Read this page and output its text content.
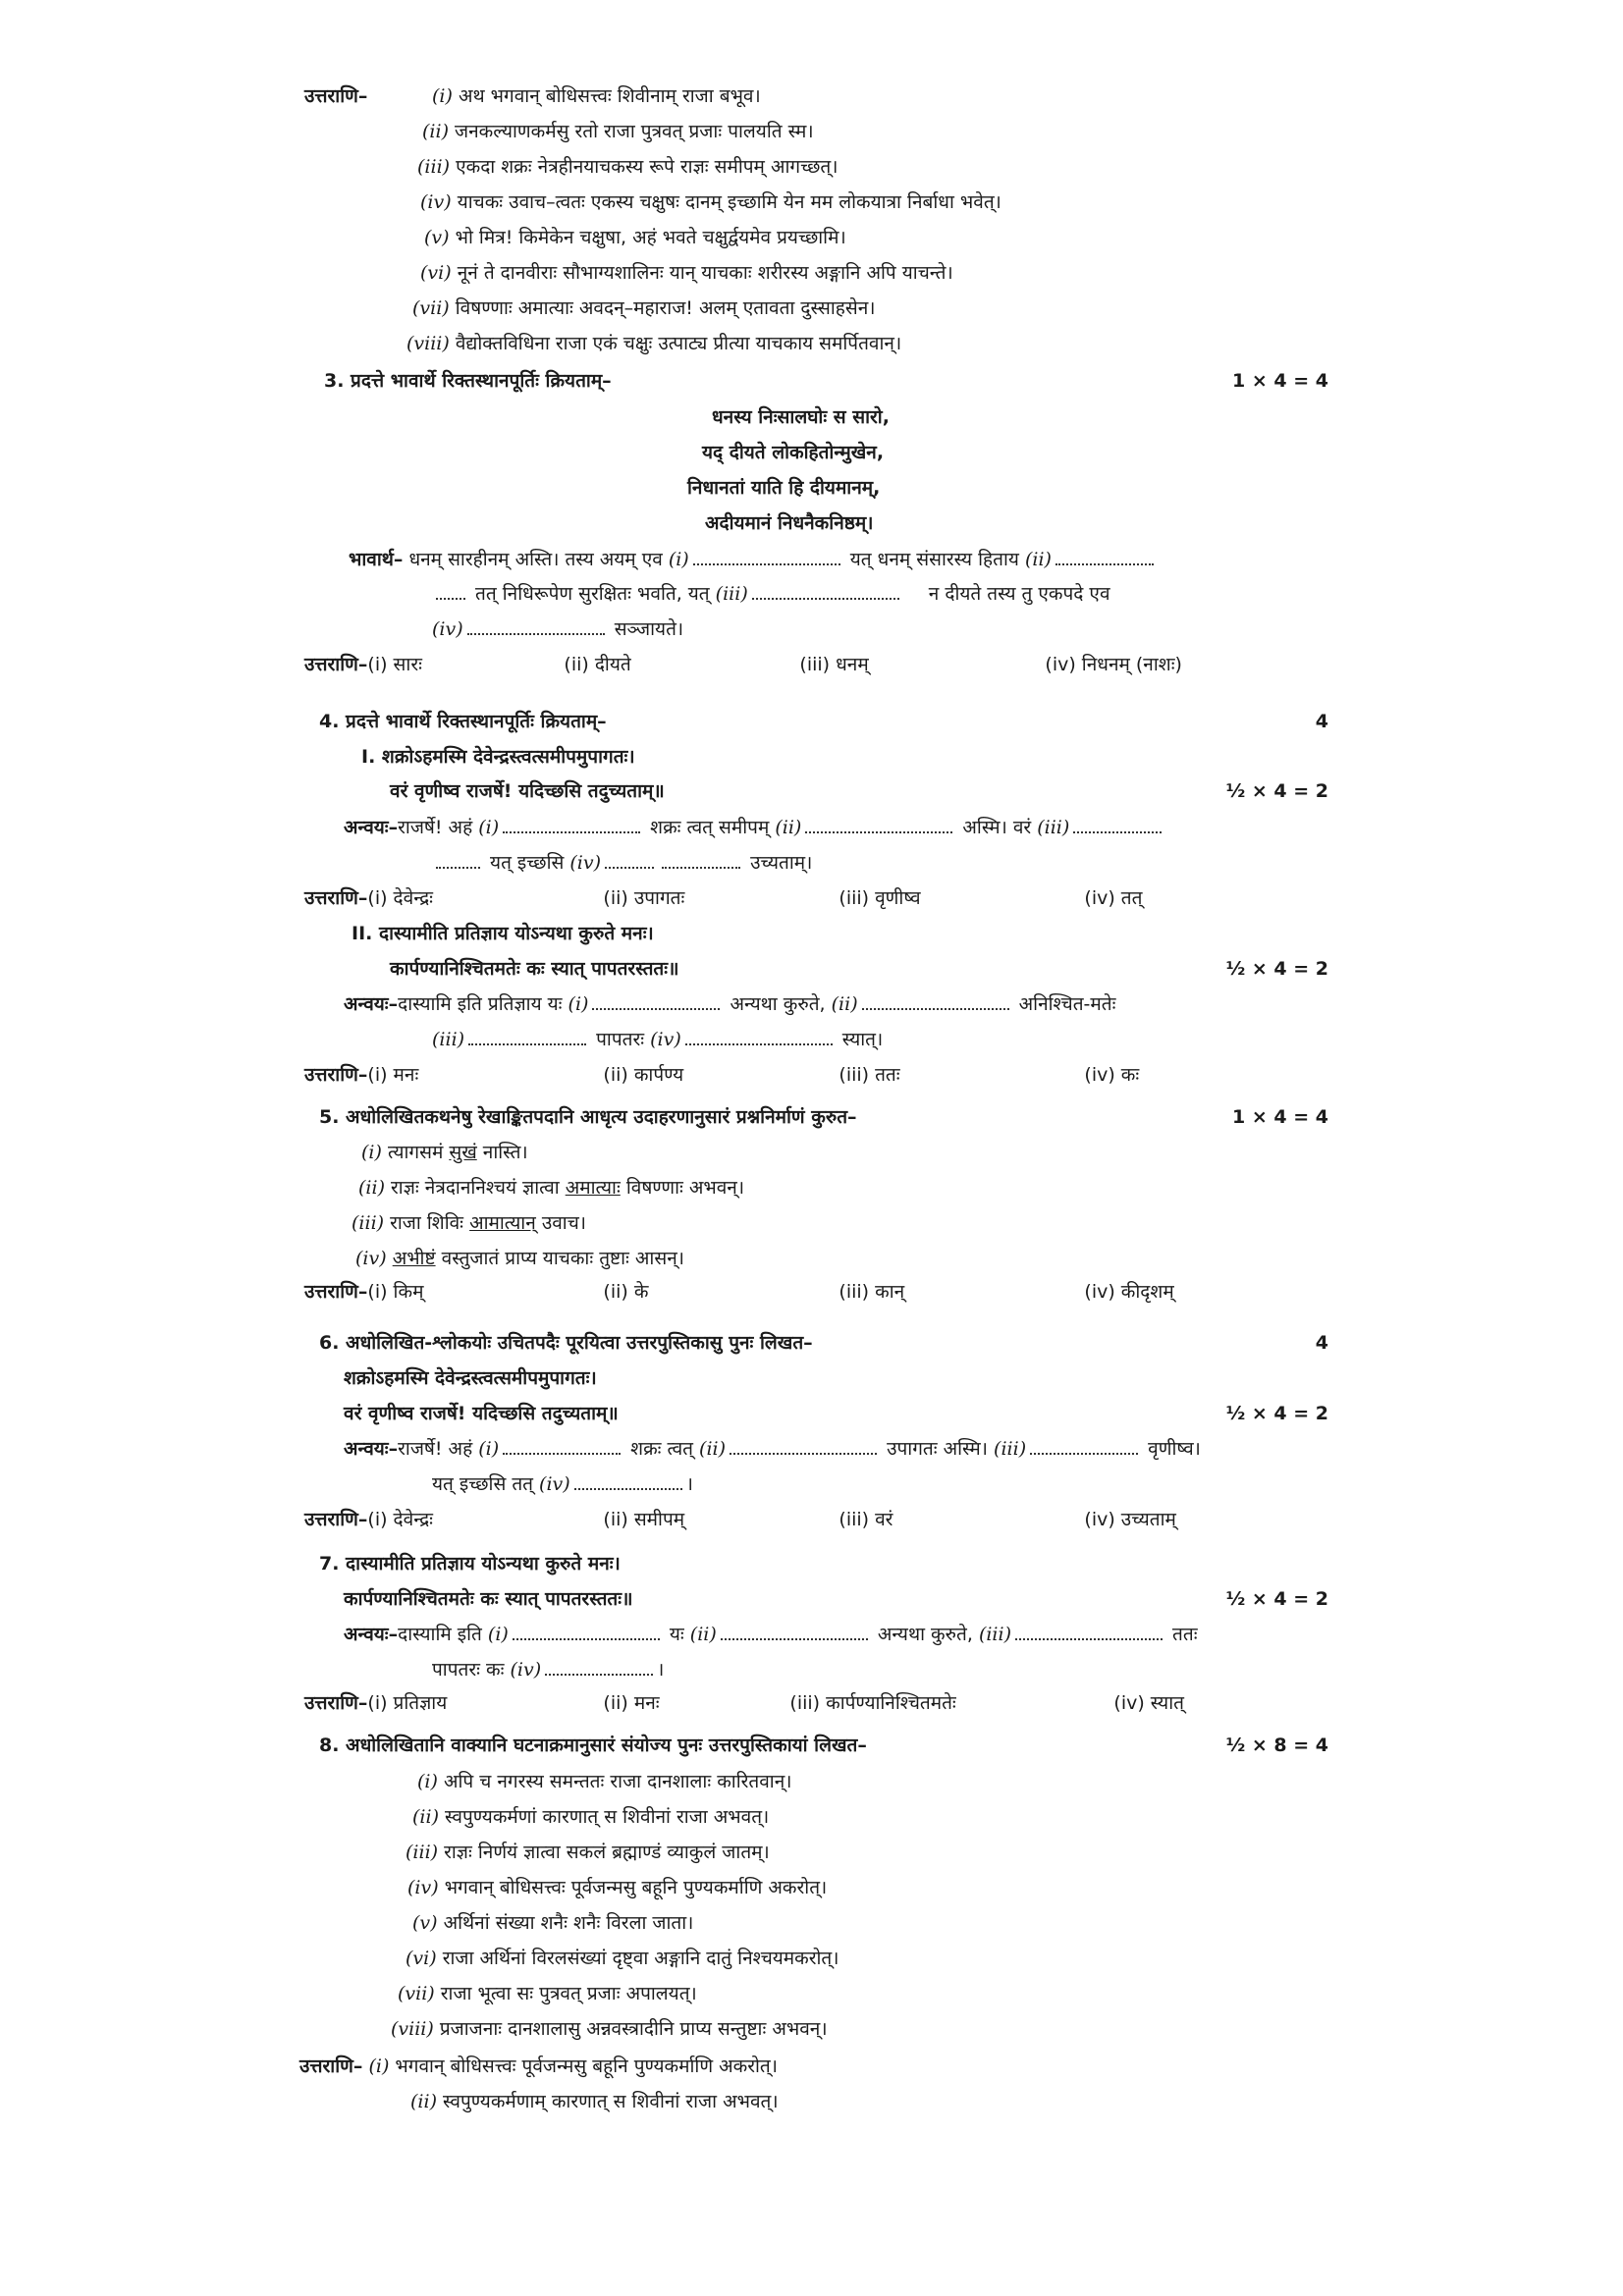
उत्तराणि–	(i) अथ भगवान् बोधिसत्त्वः शिवीनाम् राजा बभूव।
(ii) जनकल्याणकर्मसु रतो राजा पुत्रवत् प्रजाः पालयति स्म।
(iii) एकदा शक्रः नेत्रहीनयाचकस्य रूपे राज्ञः समीपम् आगच्छत्।
(iv) याचकः उवाच–त्वतः एकस्य चक्षुषः दानम् इच्छामि येन मम लोकयात्रा निर्बाधा भवेत्।
(v) भो मित्र! किमेकेन चक्षुषा, अहं भवते चक्षुर्द्वयमेव प्रयच्छामि।
(vi) नूनं ते दानवीराः सौभाग्यशालिनः यान् याचकाः शरीरस्य अङ्गानि अपि याचन्ते।
(vii) विषण्णाः अमात्याः अवदन्–महाराज! अलम् एतावता दुस्साहसेन।
(viii) वैद्योक्तविधिना राजा एकं चक्षुः उत्पाट्य प्रीत्या याचकाय समर्पितवान्।
3. प्रदत्ते भावार्थे रिक्तस्थानपूर्तिः क्रियताम्–	1 × 4 = 4
धनस्य निःसालघोः स सारो,
यद् दीयते लोकहितोन्मुखेन,
निधानतां याति हि दीयमानम्,
अदीयमानं निधनैकनिष्ठम्।
भावार्थ– धनम् सारहीनम् अस्ति। तस्य अयम् एव (i)	यत् धनम् संसारस्य हिताय (ii)
तत् निधिरूपेण सुरक्षितः भवति, यत् (iii)	न दीयते तस्य तु एकपदे एव
(iv)	सञ्जायते।
उत्तराणि–(i) सारः	(ii) दीयते	(iii) धनम्	(iv) निधनम् (नाशः)
4. प्रदत्ते भावार्थे रिक्तस्थानपूर्तिः क्रियताम्–	4
I. शक्रोऽहमस्मि देवेन्द्रस्त्वत्समीपमुपागतः।
वरं वृणीष्व राजर्षे! यदिच्छसि तदुच्यताम्॥	½ × 4 = 2
अन्वयः–राजर्षे! अहं (i)	शक्रः त्वत् समीपम् (ii)	अस्मि। वरं (iii)
यत् इच्छसि (iv)	उच्यताम्।
उत्तराणि–(i) देवेन्द्रः	(ii) उपागतः	(iii) वृणीष्व	(iv) तत्
II. दास्यामीति प्रतिज्ञाय योऽन्यथा कुरुते मनः।
कार्पण्यानिश्चितमतेः कः स्यात् पापतरस्ततः॥	½ × 4 = 2
अन्वयः–दास्यामि इति प्रतिज्ञाय यः (i)	अन्यथा कुरुते, (ii)	अनिश्चित-मतेः
(iii)	पापतरः (iv)	स्यात्।
उत्तराणि–(i) मनः	(ii) कार्पण्य	(iii) ततः	(iv) कः
5. अधोलिखितकथनेषु रेखाङ्कितपदानि आधृत्य उदाहरणानुसारं प्रश्ननिर्माणं कुरुत–	1 × 4 = 4
(i) त्यागसमं सुखं नास्ति।
(ii) राज्ञः नेत्रदाननिश्चयं ज्ञात्वा अमात्याः विषण्णाः अभवन्।
(iii) राजा शिविः आमात्यान् उवाच।
(iv) अभीष्टं वस्तुजातं प्राप्य याचकाः तुष्टाः आसन्।
उत्तराणि–(i) किम्	(ii) के	(iii) कान्	(iv) कीदृशम्
6. अधोलिखित-श्लोकयोः उचितपदैः पूरयित्वा उत्तरपुस्तिकासु पुनः लिखत–	4
शक्रोऽहमस्मि देवेन्द्रस्त्वत्समीपमुपागतः।
वरं वृणीष्व राजर्षे! यदिच्छसि तदुच्यताम्॥	½ × 4 = 2
अन्वयः–राजर्षे! अहं (i)	शक्रः त्वत् (ii)	उपागतः अस्मि। (iii)	वृणीष्व।
यत् इच्छसि तत् (iv)	।
उत्तराणि–(i) देवेन्द्रः	(ii) समीपम्	(iii) वरं	(iv) उच्यताम्
7. दास्यामीति प्रतिज्ञाय योऽन्यथा कुरुते मनः।
कार्पण्यानिश्चितमतेः कः स्यात् पापतरस्ततः॥	½ × 4 = 2
अन्वयः–दास्यामि इति (i)	यः (ii)	अन्यथा कुरुते, (iii)	ततः
पापतरः कः (iv)	।
उत्तराणि–(i) प्रतिज्ञाय	(ii) मनः	(iii) कार्पण्यानिश्चितमतेः	(iv) स्यात्
8. अधोलिखितानि वाक्यानि घटनाक्रमानुसारं संयोज्य पुनः उत्तरपुस्तिकायां लिखत–	½ × 8 = 4
(i) अपि च नगरस्य समन्ततः राजा दानशालाः कारितवान्।
(ii) स्वपुण्यकर्मणां कारणात् स शिवीनां राजा अभवत्।
(iii) राज्ञः निर्णयं ज्ञात्वा सकलं ब्रह्माण्डं व्याकुलं जातम्।
(iv) भगवान् बोधिसत्त्वः पूर्वजन्मसु बहूनि पुण्यकर्माणि अकरोत्।
(v) अर्थिनां संख्या शनैः शनैः विरला जाता।
(vi) राजा अर्थिनां विरलसंख्यां दृष्ट्वा अङ्गानि दातुं निश्चयमकरोत्।
(vii) राजा भूत्वा सः पुत्रवत् प्रजाः अपालयत्।
(viii) प्रजाजनाः दानशालासु अन्नवस्त्रादीनि प्राप्य सन्तुष्टाः अभवन्।
उत्तराणि– (i) भगवान् बोधिसत्त्वः पूर्वजन्मसु बहूनि पुण्यकर्माणि अकरोत्।
(ii) स्वपुण्यकर्मणाम् कारणात् स शिवीनां राजा अभवत्।
